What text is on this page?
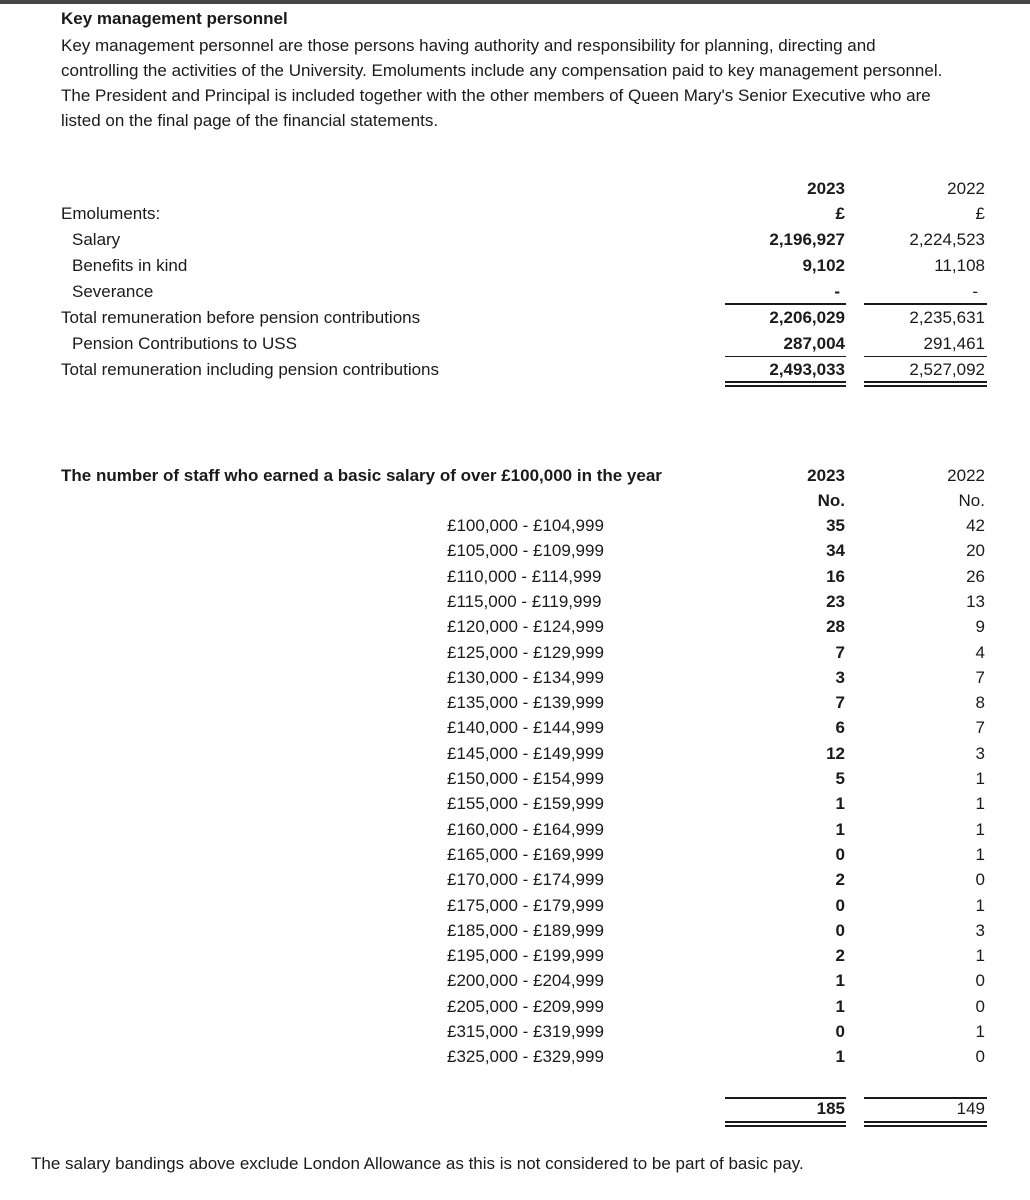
Key management personnel
Key management personnel are those persons having authority and responsibility for planning, directing and
controlling the activities of the University. Emoluments include any compensation paid to key management personnel.
The President and Principal is included together with the other members of Queen Mary's Senior Executive who are
listed on the final page of the financial statements.
2023	2022
Emoluments:	£	£
Salary	2,196,927	2,224,523
Benefits in kind	9,102	11,108
Severance	-	-
Total remuneration before pension contributions	2,206,029	2,235,631
Pension Contributions to USS	287,004	291,461
Total remuneration including pension contributions	2,493,033	2,527,092
The number of staff who earned a basic salary of over £100,000 in the year	2023	2022
No.	No.
£100,000 - £104,999	35	42
£105,000 - £109,999	34	20
£110,000 - £114,999	16	26
£115,000 - £119,999	23	13
£120,000 - £124,999	28	9
£125,000 - £129,999	7	4
£130,000 - £134,999	3	7
£135,000 - £139,999	7	8
£140,000 - £144,999	6	7
£145,000 - £149,999	12	3
£150,000 - £154,999	5	1
£155,000 - £159,999	1	1
£160,000 - £164,999	1	1
£165,000 - £169,999	0	1
£170,000 - £174,999	2	0
£175,000 - £179,999	0	1
£185,000 - £189,999	0	3
£195,000 - £199,999	2	1
£200,000 - £204,999	1	0
£205,000 - £209,999	1	0
£315,000 - £319,999	0	1
£325,000 - £329,999	1	0
185	149
The salary bandings above exclude London Allowance as this is not considered to be part of basic pay.
